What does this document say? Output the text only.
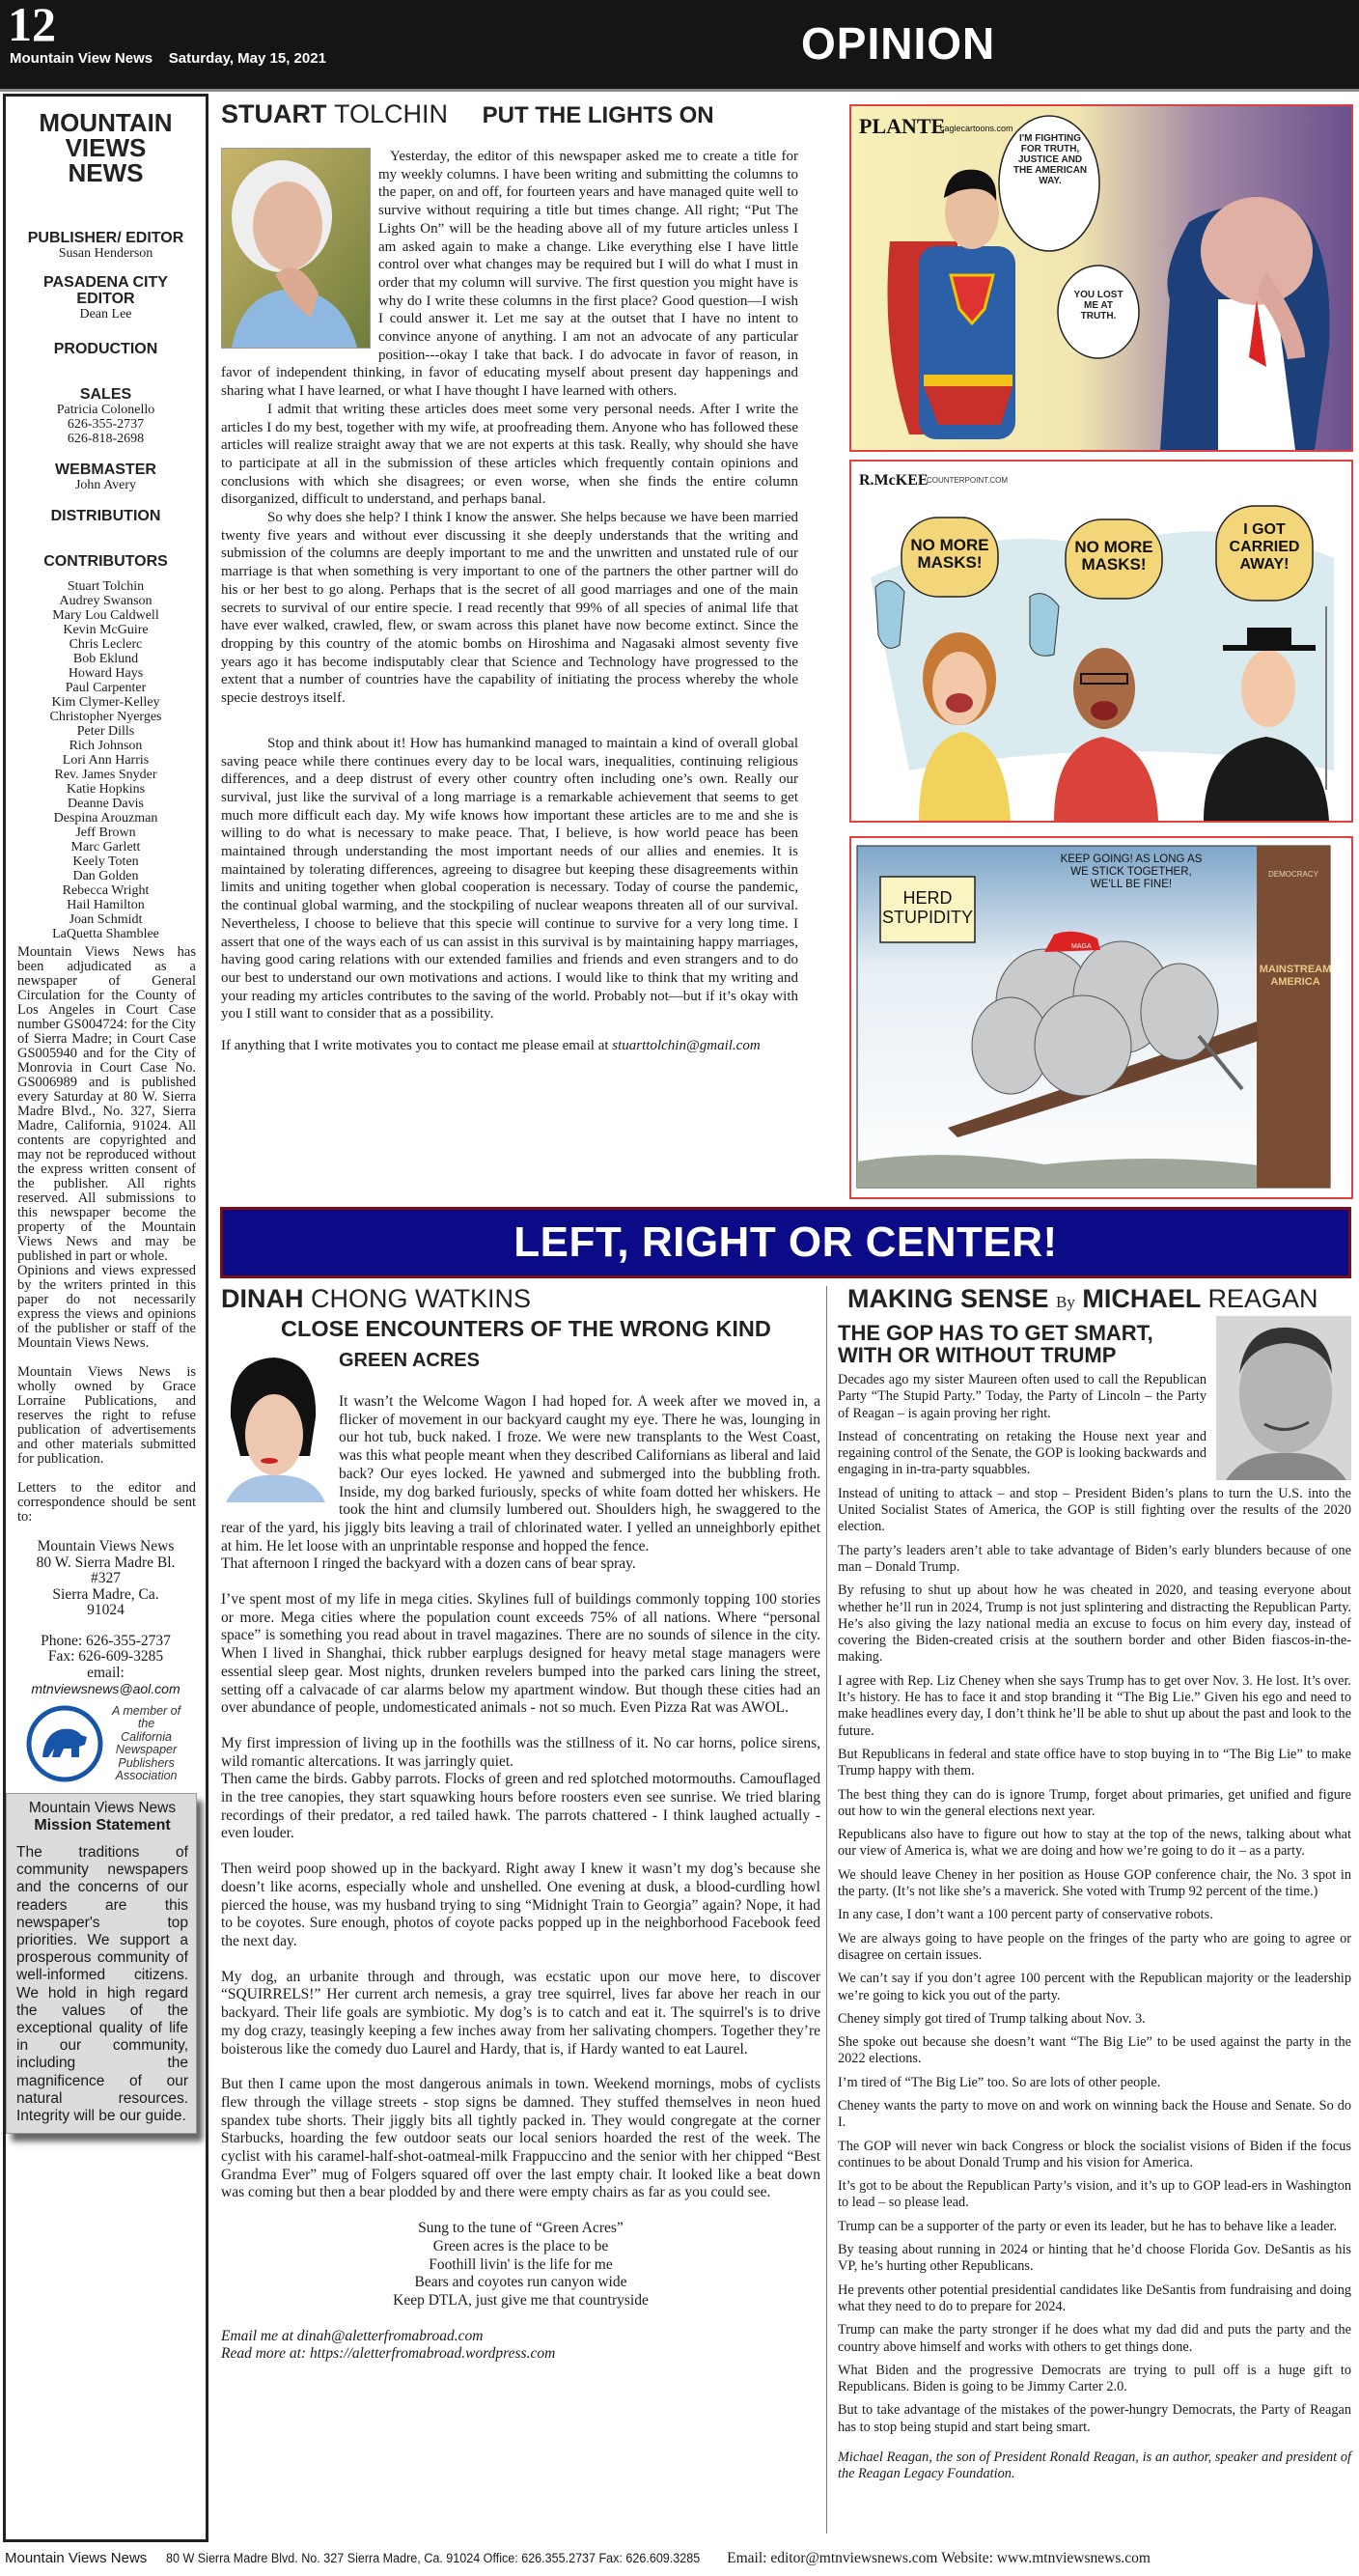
12
Mountain View News Saturday, May 15, 2021	OPINION
MOUNTAIN
VIEWS
NEWS
PUBLISHER/ EDITOR
Susan Henderson
PASADENA CITY EDITOR
Dean Lee
PRODUCTION
SALES
Patricia Colonello
626-355-2737
626-818-2698
WEBMASTER
John Avery
DISTRIBUTION
CONTRIBUTORS
Stuart Tolchin
Audrey Swanson
Mary Lou Caldwell
Kevin McGuire
Chris Leclerc
Bob Eklund
Howard Hays
Paul Carpenter
Kim Clymer-Kelley
Christopher Nyerges
Peter Dills
Rich Johnson
Lori Ann Harris
Rev. James Snyder
Katie Hopkins
Deanne Davis
Despina Arouzman
Jeff Brown
Marc Garlett
Keely Toten
Dan Golden
Rebecca Wright
Hail Hamilton
Joan Schmidt
LaQuetta Shamblee
Mountain Views News has been adjudicated as a newspaper of General Circulation for the County of Los Angeles in Court Case number GS004724: for the City of Sierra Madre; in Court Case GS005940 and for the City of Monrovia in Court Case No. GS006989 and is published every Saturday at 80 W. Sierra Madre Blvd., No. 327, Sierra Madre, California, 91024. All contents are copyrighted and may not be reproduced without the express written consent of the publisher. All rights reserved. All submissions to this newspaper become the property of the Mountain Views News and may be published in part or whole.
Opinions and views expressed by the writers printed in this paper do not necessarily express the views and opinions of the publisher or staff of the Mountain Views News.
Mountain Views News is wholly owned by Grace Lorraine Publications, and reserves the right to refuse publication of advertisements and other materials submitted for publication.
Letters to the editor and correspondence should be sent to:
Mountain Views News
80 W. Sierra Madre Bl.
#327
Sierra Madre, Ca.
91024
Phone: 626-355-2737
Fax: 626-609-3285
email:
mtnviewsnews@aol.com
A member of
the
California
Newspaper
Publishers
Association
Mountain Views News
Mission Statement
The traditions of community newspapers and the concerns of our readers are this newspaper's top priorities. We support a prosperous community of well-informed citizens. We hold in high regard the values of the exceptional quality of life in our community, including the magnificence of our natural resources. Integrity will be our guide.
STUART TOLCHIN PUT THE LIGHTS ON

Yesterday, the editor of this newspaper asked me to create a title for my weekly columns. I have been writing and submitting the columns to the paper, on and off, for fourteen years and have managed quite well to survive without requiring a title but times change. All right; “Put The Lights On” will be the heading above all of my future articles unless I am asked again to make a change. Like everything else I have little control over what changes may be required but I will do what I must in order that my column will survive. The first question you might have is why do I write these columns in the first place? Good question—I wish I could answer it. Let me say at the outset that I have no intent to convince anyone of anything. I am not an advocate of any particular position---okay I take that back. I do advocate in favor of reason, in favor of independent thinking, in favor of educating myself about present day happenings and sharing what I have learned, or what I have thought I have learned with others.

I admit that writing these articles does meet some very personal needs. After I write the articles I do my best, together with my wife, at proofreading them. Anyone who has followed these articles will realize straight away that we are not experts at this task. Really, why should she have to participate at all in the submission of these articles which frequently contain opinions and conclusions with which she disagrees; or even worse, when she finds the entire column disorganized, difficult to understand, and perhaps banal.

So why does she help? I think I know the answer. She helps because we have been married twenty five years and without ever discussing it she deeply understands that the writing and submission of the columns are deeply important to me and the unwritten and unstated rule of our marriage is that when something is very important to one of the partners the other partner will do his or her best to go along. Perhaps that is the secret of all good marriages and one of the main secrets to survival of our entire specie. I read recently that 99% of all species of animal life that have ever walked, crawled, flew, or swam across this planet have now become extinct. Since the dropping by this country of the atomic bombs on Hiroshima and Nagasaki almost seventy five years ago it has become indisputably clear that Science and Technology have progressed to the extent that a number of countries have the capability of initiating the process whereby the whole specie destroys itself.

Stop and think about it! How has humankind managed to maintain a kind of overall global saving peace while there continues every day to be local wars, inequalities, continuing religious differences, and a deep distrust of every other country often including one’s own. Really our survival, just like the survival of a long marriage is a remarkable achievement that seems to get much more difficult each day. My wife knows how important these articles are to me and she is willing to do what is necessary to make peace. That, I believe, is how world peace has been maintained through understanding the most important needs of our allies and enemies. It is maintained by tolerating differences, agreeing to disagree but keeping these disagreements within limits and uniting together when global cooperation is necessary. Today of course the pandemic, the continual global warming, and the stockpiling of nuclear weapons threaten all of our survival. Nevertheless, I choose to believe that this specie will continue to survive for a very long time. I assert that one of the ways each of us can assist in this survival is by maintaining happy marriages, having good caring relations with our extended families and friends and even strangers and to do our best to understand our own motivations and actions. I would like to think that my writing and your reading my articles contributes to the saving of the world. Probably not—but if it’s okay with you I still want to consider that as a possibility.

If anything that I write motivates you to contact me please email at stuarttolchin@gmail.com

PLANTE
caglecartoons.com
I'M FIGHTING FOR TRUTH, JUSTICE AND THE AMERICAN WAY.
YOU LOST ME AT TRUTH.
R.McKEE
COUNTERPOINT.COM
NO MORE MASKS!
NO MORE MASKS!
I GOT CARRIED AWAY!
HERD STUPIDITY
KEEP GOING! AS LONG AS WE STICK TOGETHER, WE'LL BE FINE!
DEMOCRACY
MAINSTREAM AMERICA
MAGA
LEFT, RIGHT OR CENTER!
DINAH CHONG WATKINS
CLOSE ENCOUNTERS OF THE WRONG KIND
GREEN ACRES

It wasn’t the Welcome Wagon I had hoped for. A week after we moved in, a flicker of movement in our backyard caught my eye. There he was, lounging in our hot tub, buck naked. I froze. We were new transplants to the West Coast, was this what people meant when they described Californians as liberal and laid back? Our eyes locked. He yawned and submerged into the bubbling froth. Inside, my dog barked furiously, specks of white foam dotted her whiskers. He took the hint and clumsily lumbered out. Shoulders high, he swaggered to the rear of the yard, his jiggly bits leaving a trail of chlorinated water. I yelled an unneighborly epithet at him. He let loose with an unprintable response and hopped the fence.

That afternoon I ringed the backyard with a dozen cans of bear spray.

I’ve spent most of my life in mega cities. Skylines full of buildings commonly topping 100 stories or more. Mega cities where the population count exceeds 75% of all nations. Where “personal space” is something you read about in travel magazines. There are no sounds of silence in the city. When I lived in Shanghai, thick rubber earplugs designed for heavy metal stage managers were essential sleep gear. Most nights, drunken revelers bumped into the parked cars lining the street, setting off a calvacade of car alarms below my apartment window. But though these cities had an over abundance of people, undomesticated animals - not so much. Even Pizza Rat was AWOL.

My first impression of living up in the foothills was the stillness of it. No car horns, police sirens, wild romantic altercations. It was jarringly quiet.

Then came the birds. Gabby parrots. Flocks of green and red splotched motormouths. Camouflaged in the tree canopies, they start squawking hours before roosters even see sunrise. We tried blaring recordings of their predator, a red tailed hawk. The parrots chattered - I think laughed actually - even louder.

Then weird poop showed up in the backyard. Right away I knew it wasn’t my dog’s because she doesn’t like acorns, especially whole and unshelled. One evening at dusk, a blood-curdling howl pierced the house, was my husband trying to sing “Midnight Train to Georgia” again? Nope, it had to be coyotes. Sure enough, photos of coyote packs popped up in the neighborhood Facebook feed the next day.

My dog, an urbanite through and through, was ecstatic upon our move here, to discover “SQUIRRELS!” Her current arch nemesis, a gray tree squirrel, lives far above her reach in our backyard. Their life goals are symbiotic. My dog’s is to catch and eat it. The squirrel's is to drive my dog crazy, teasingly keeping a few inches away from her salivating chompers. Together they’re boisterous like the comedy duo Laurel and Hardy, that is, if Hardy wanted to eat Laurel.

But then I came upon the most dangerous animals in town. Weekend mornings, mobs of cyclists flew through the village streets - stop signs be damned. They stuffed themselves in neon hued spandex tube shorts. Their jiggly bits all tightly packed in. They would congregate at the corner Starbucks, hoarding the few outdoor seats our local seniors hoarded the rest of the week. The cyclist with his caramel-half-shot-oatmeal-milk Frappuccino and the senior with her chipped “Best Grandma Ever” mug of Folgers squared off over the last empty chair. It looked like a beat down was coming but then a bear plodded by and there were empty chairs as far as you could see.

Sung to the tune of “Green Acres”
Green acres is the place to be
Foothill livin' is the life for me
Bears and coyotes run canyon wide
Keep DTLA, just give me that countryside
Email me at dinah@aletterfromabroad.com
Read more at: https://aletterfromabroad.wordpress.com
MAKING SENSE By MICHAEL REAGAN
THE GOP HAS TO GET SMART,
WITH OR WITHOUT TRUMP

Decades ago my sister Maureen often used to call the Republican Party “The Stupid Party.” Today, the Party of Lincoln – the Party of Reagan – is again proving her right.

Instead of concentrating on retaking the House next year and regaining control of the Senate, the GOP is looking backwards and engaging in in-tra-party squabbles.

Instead of uniting to attack – and stop – President Biden’s plans to turn the U.S. into the United Socialist States of America, the GOP is still fighting over the results of the 2020 election.

The party’s leaders aren’t able to take advantage of Biden’s early blunders because of one man – Donald Trump.

By refusing to shut up about how he was cheated in 2020, and teasing everyone about whether he’ll run in 2024, Trump is not just splintering and distracting the Republican Party. He’s also giving the lazy national media an excuse to focus on him every day, instead of covering the Biden-created crisis at the southern border and other Biden fiascos-in-the-making.

I agree with Rep. Liz Cheney when she says Trump has to get over Nov. 3. He lost. It’s over. It’s history. He has to face it and stop branding it “The Big Lie.” Given his ego and need to make headlines every day, I don’t think he’ll be able to shut up about the past and look to the future.

But Republicans in federal and state office have to stop buying in to “The Big Lie” to make Trump happy with them.

The best thing they can do is ignore Trump, forget about primaries, get unified and figure out how to win the general elections next year.

Republicans also have to figure out how to stay at the top of the news, talking about what our view of America is, what we are doing and how we’re going to do it – as a party.

We should leave Cheney in her position as House GOP conference chair, the No. 3 spot in the party. (It’s not like she’s a maverick. She voted with Trump 92 percent of the time.)

In any case, I don’t want a 100 percent party of conservative robots.

We are always going to have people on the fringes of the party who are going to agree or disagree on certain issues.

We can’t say if you don’t agree 100 percent with the Republican majority or the leadership we’re going to kick you out of the party.

Cheney simply got tired of Trump talking about Nov. 3.

She spoke out because she doesn’t want “The Big Lie” to be used against the party in the 2022 elections.

I’m tired of “The Big Lie” too. So are lots of other people.

Cheney wants the party to move on and work on winning back the House and Senate. So do I.

The GOP will never win back Congress or block the socialist visions of Biden if the focus continues to be about Donald Trump and his vision for America.

It’s got to be about the Republican Party’s vision, and it’s up to GOP lead-ers in Washington to lead – so please lead.

Trump can be a supporter of the party or even its leader, but he has to behave like a leader.

By teasing about running in 2024 or hinting that he’d choose Florida Gov. DeSantis as his VP, he’s hurting other Republicans.

He prevents other potential presidential candidates like DeSantis from fundraising and doing what they need to do to prepare for 2024.

Trump can make the party stronger if he does what my dad did and puts the party and the country above himself and works with others to get things done.

What Biden and the progressive Democrats are trying to pull off is a huge gift to Republicans. Biden is going to be Jimmy Carter 2.0.

But to take advantage of the mistakes of the power-hungry Democrats, the Party of Reagan has to stop being stupid and start being smart.

Michael Reagan, the son of President Ronald Reagan, is an author, speaker and president of the Reagan Legacy Foundation.

Mountain Views News 80 W Sierra Madre Blvd. No. 327 Sierra Madre, Ca. 91024 Office: 626.355.2737 Fax: 626.609.3285 Email: editor@mtnviewsnews.com Website: www.mtnviewsnews.com
